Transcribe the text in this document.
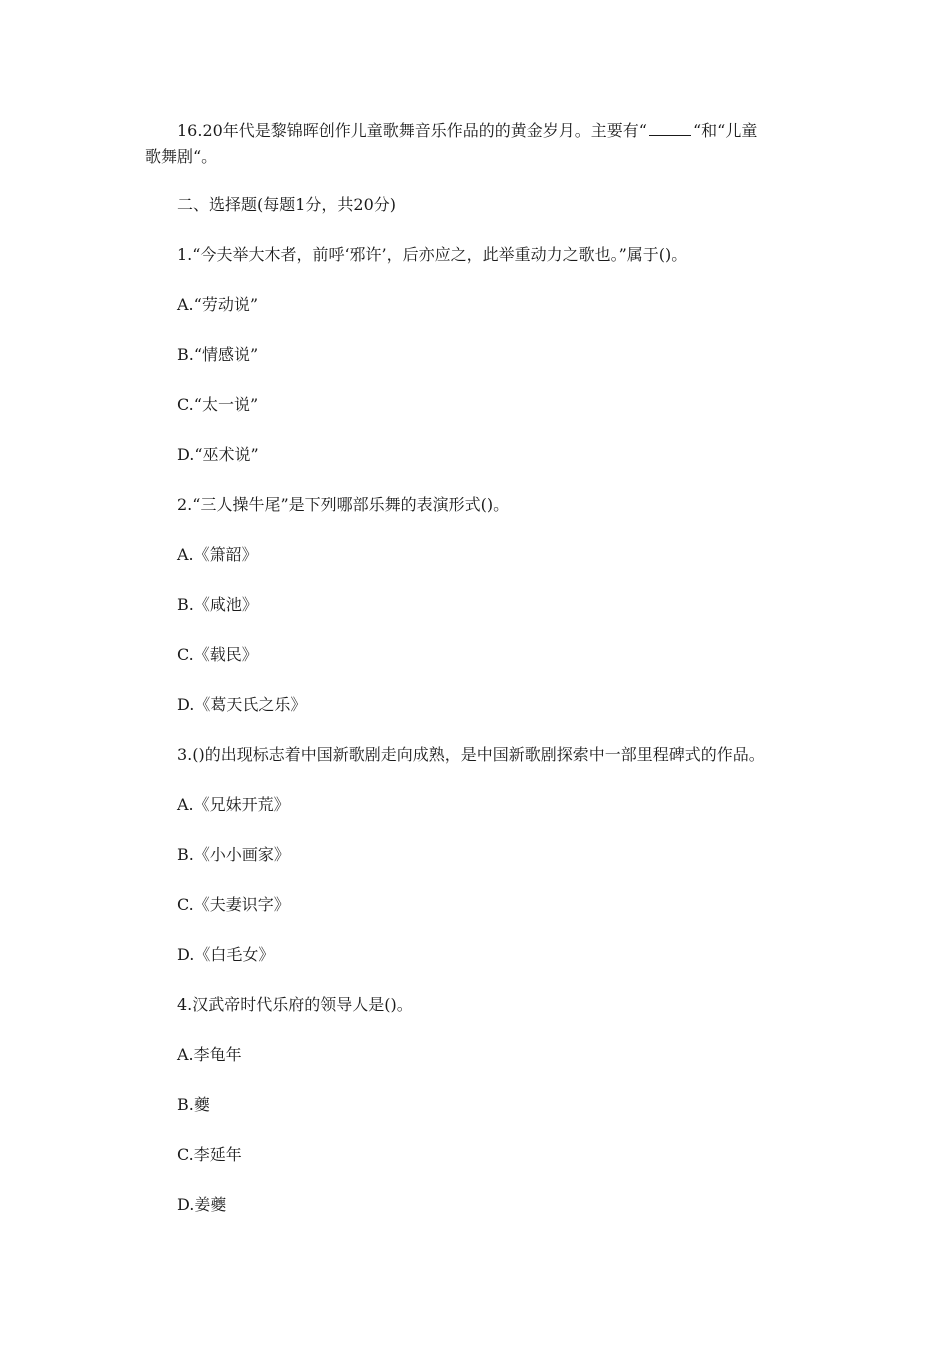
16.20年代是黎锦晖创作儿童歌舞音乐作品的的黄金岁月。主要有“	“和“儿童
歌舞剧“。
二、选择题(每题1分，共20分)
1.“今夫举大木者，前呼‘邪许’，后亦应之，此举重动力之歌也。”属于()。
A.“劳动说”
B.“情感说”
C.“太一说”
D.“巫术说”
2.“三人操牛尾”是下列哪部乐舞的表演形式()。
A.《箫韶》
B.《咸池》
C.《载民》
D.《葛天氏之乐》
3.()的出现标志着中国新歌剧走向成熟，是中国新歌剧探索中一部里程碑式的作品。
A.《兄妹开荒》
B.《小小画家》
C.《夫妻识字》
D.《白毛女》
4.汉武帝时代乐府的领导人是()。
A.李龟年
B.夔
C.李延年
D.姜夔
